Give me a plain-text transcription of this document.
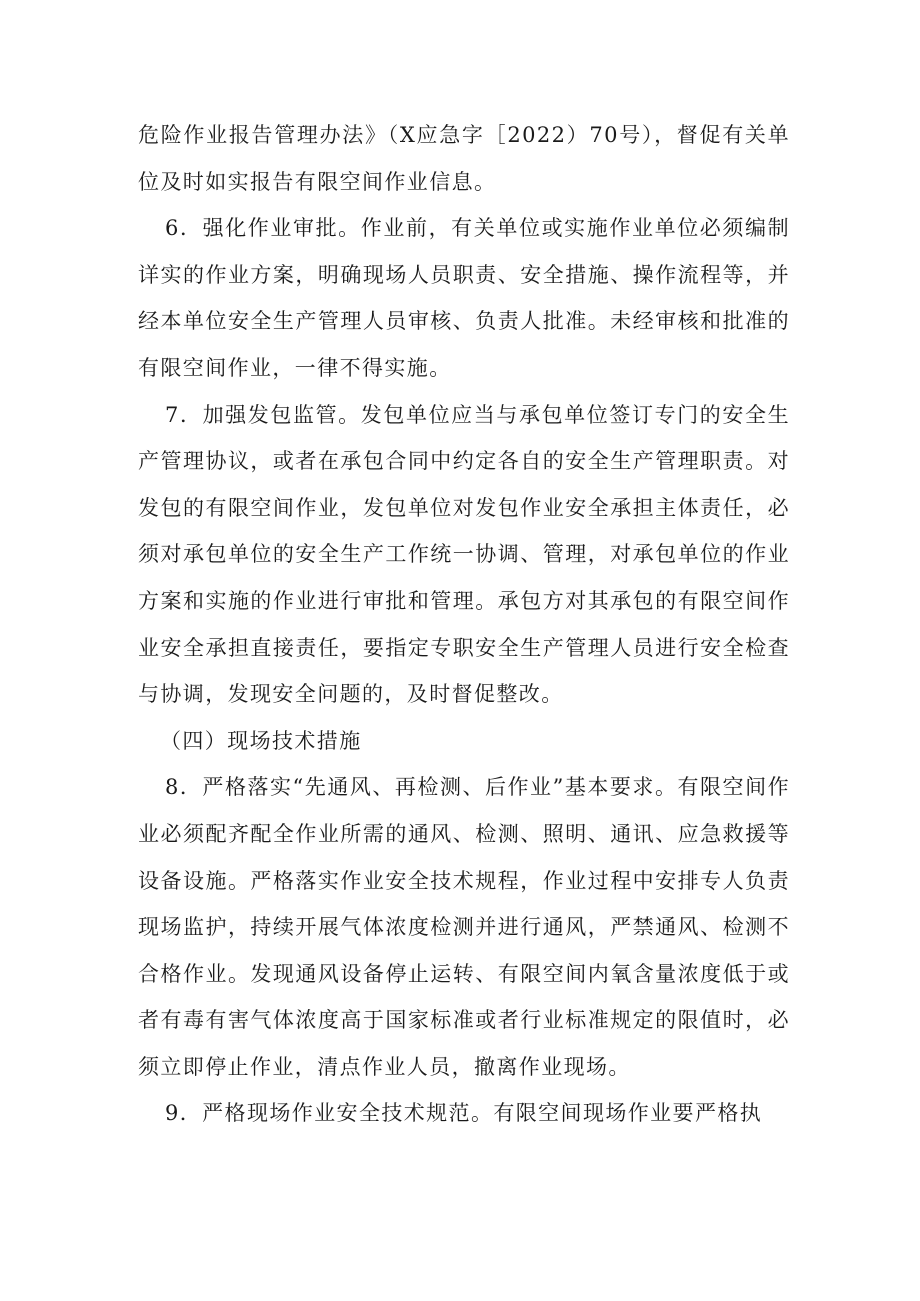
危险作业报告管理办法》（X应急字［2022）70号），督促有关单位及时如实报告有限空间作业信息。

6．强化作业审批。作业前，有关单位或实施作业单位必须编制详实的作业方案，明确现场人员职责、安全措施、操作流程等，并经本单位安全生产管理人员审核、负责人批准。未经审核和批准的有限空间作业，一律不得实施。

7．加强发包监管。发包单位应当与承包单位签订专门的安全生产管理协议，或者在承包合同中约定各自的安全生产管理职责。对发包的有限空间作业，发包单位对发包作业安全承担主体责任，必须对承包单位的安全生产工作统一协调、管理，对承包单位的作业方案和实施的作业进行审批和管理。承包方对其承包的有限空间作业安全承担直接责任，要指定专职安全生产管理人员进行安全检查与协调，发现安全问题的，及时督促整改。

（四）现场技术措施

8．严格落实“先通风、再检测、后作业”基本要求。有限空间作业必须配齐配全作业所需的通风、检测、照明、通讯、应急救援等设备设施。严格落实作业安全技术规程，作业过程中安排专人负责现场监护，持续开展气体浓度检测并进行通风，严禁通风、检测不合格作业。发现通风设备停止运转、有限空间内氧含量浓度低于或者有毒有害气体浓度高于国家标准或者行业标准规定的限值时，必须立即停止作业，清点作业人员，撤离作业现场。

9．严格现场作业安全技术规范。有限空间现场作业要严格执
